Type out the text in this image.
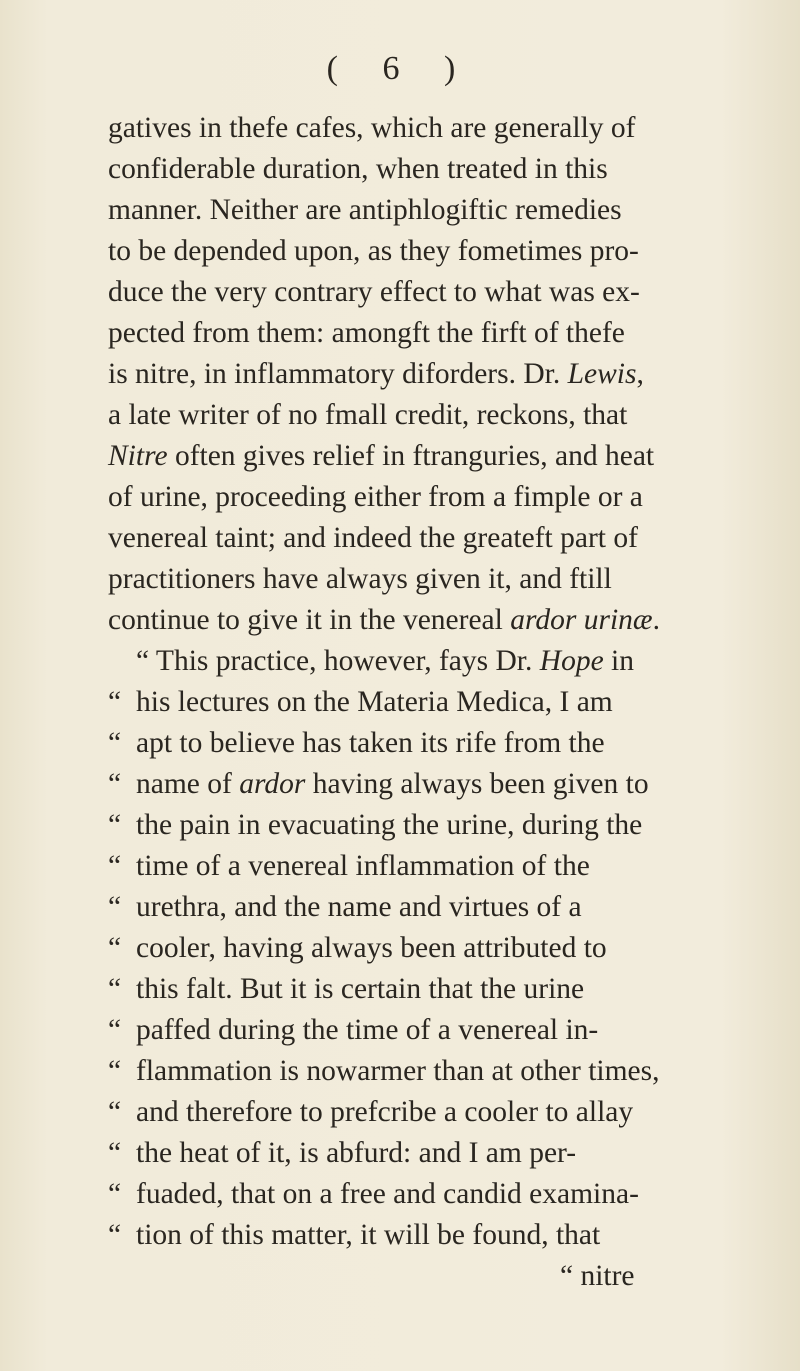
( 6 )
gatives in thefe cafes, which are generally of
confiderable duration, when treated in this
manner. Neither are antiphlogiftic remedies
to be depended upon, as they fometimes pro-
duce the very contrary effect to what was ex-
pected from them: amongft the firft of thefe
is nitre, in inflammatory diforders. Dr. Lewis,
a late writer of no fmall credit, reckons, that
Nitre often gives relief in ftranguries, and heat
of urine, proceeding either from a fimple or a
venereal taint; and indeed the greateft part of
practitioners have always given it, and ftill
continue to give it in the venereal ardor urinæ.
“ This practice, however, fays Dr. Hope in
“ his lectures on the Materia Medica, I am
“ apt to believe has taken its rife from the
“ name of ardor having always been given to
“ the pain in evacuating the urine, during the
“ time of a venereal inflammation of the
“ urethra, and the name and virtues of a
“ cooler, having always been attributed to
“ this falt. But it is certain that the urine
“ paffed during the time of a venereal in-
“ flammation is nowarmer than at other times,
“ and therefore to prefcribe a cooler to allay
“ the heat of it, is abfurd: and I am per-
“ fuaded, that on a free and candid examina-
“ tion of this matter, it will be found, that
“ nitre
